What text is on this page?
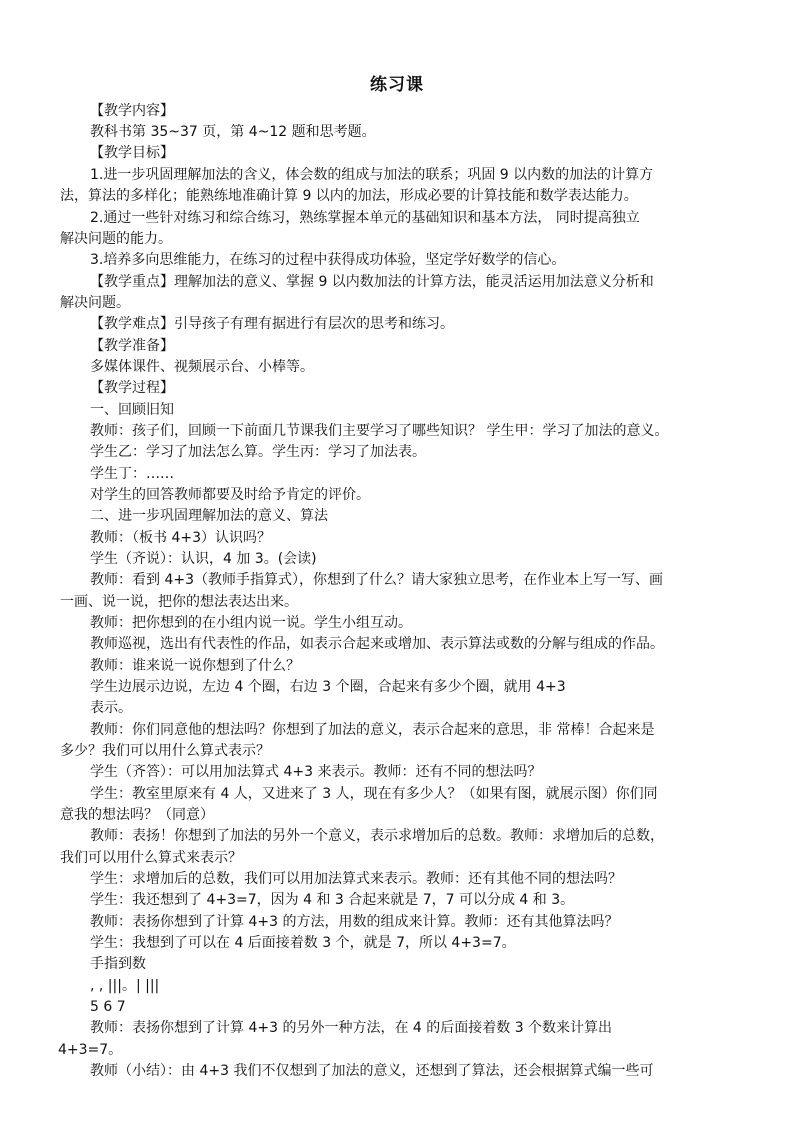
练习课
【教学内容】
教科书第 35~37 页，第 4~12 题和思考题。
【教学目标】
1.进一步巩固理解加法的含义，体会数的组成与加法的联系；巩固 9 以内数的加法的计算方
法，算法的多样化；能熟练地准确计算 9 以内的加法，形成必要的计算技能和数学表达能力。
2.通过一些针对练习和综合练习，熟练掌握本单元的基础知识和基本方法， 同时提高独立
解决问题的能力。
3.培养多向思维能力，在练习的过程中获得成功体验，坚定学好数学的信心。
【教学重点】理解加法的意义、掌握 9 以内数加法的计算方法，能灵活运用加法意义分析和
解决问题。
【教学难点】引导孩子有理有据进行有层次的思考和练习。
【教学准备】
多媒体课件、视频展示台、小棒等。
【教学过程】
一、回顾旧知
教师：孩子们，回顾一下前面几节课我们主要学习了哪些知识？ 学生甲：学习了加法的意义。
学生乙：学习了加法怎么算。学生丙：学习了加法表。
学生丁：……
对学生的回答教师都要及时给予肯定的评价。
二、进一步巩固理解加法的意义、算法
教师：（板书 4+3）认识吗？
学生（齐说）：认识，4 加 3。(会读)
教师：看到 4+3（教师手指算式），你想到了什么？请大家独立思考，在作业本上写一写、画
一画、说一说，把你的想法表达出来。
教师：把你想到的在小组内说一说。学生小组互动。
教师巡视，选出有代表性的作品，如表示合起来或增加、表示算法或数的分解与组成的作品。
教师：谁来说一说你想到了什么？
学生边展示边说，左边 4 个圈，右边 3 个圈，合起来有多少个圈，就用 4+3
表示。
教师：你们同意他的想法吗？你想到了加法的意义，表示合起来的意思，非 常棒！合起来是
多少？我们可以用什么算式表示？
学生（齐答）：可以用加法算式 4+3 来表示。教师：还有不同的想法吗？
学生：教室里原来有 4 人，又进来了 3 人，现在有多少人？（如果有图，就展示图）你们同
意我的想法吗？（同意）
教师：表扬！你想到了加法的另外一个意义，表示求增加后的总数。教师：求增加后的总数，
我们可以用什么算式来表示？
学生：求增加后的总数，我们可以用加法算式来表示。教师：还有其他不同的想法吗？
学生：我还想到了 4+3=7，因为 4 和 3 合起来就是 7，7 可以分成 4 和 3。
教师：表扬你想到了计算 4+3 的方法，用数的组成来计算。教师：还有其他算法吗？
学生：我想到了可以在 4 后面接着数 3 个，就是 7，所以 4+3=7。
手指到数
, , |||。| |||
5 6 7
教师：表扬你想到了计算 4+3 的另外一种方法，在 4 的后面接着数 3 个数来计算出
4+3=7。
教师（小结）：由 4+3 我们不仅想到了加法的意义，还想到了算法，还会根据算式编一些可
